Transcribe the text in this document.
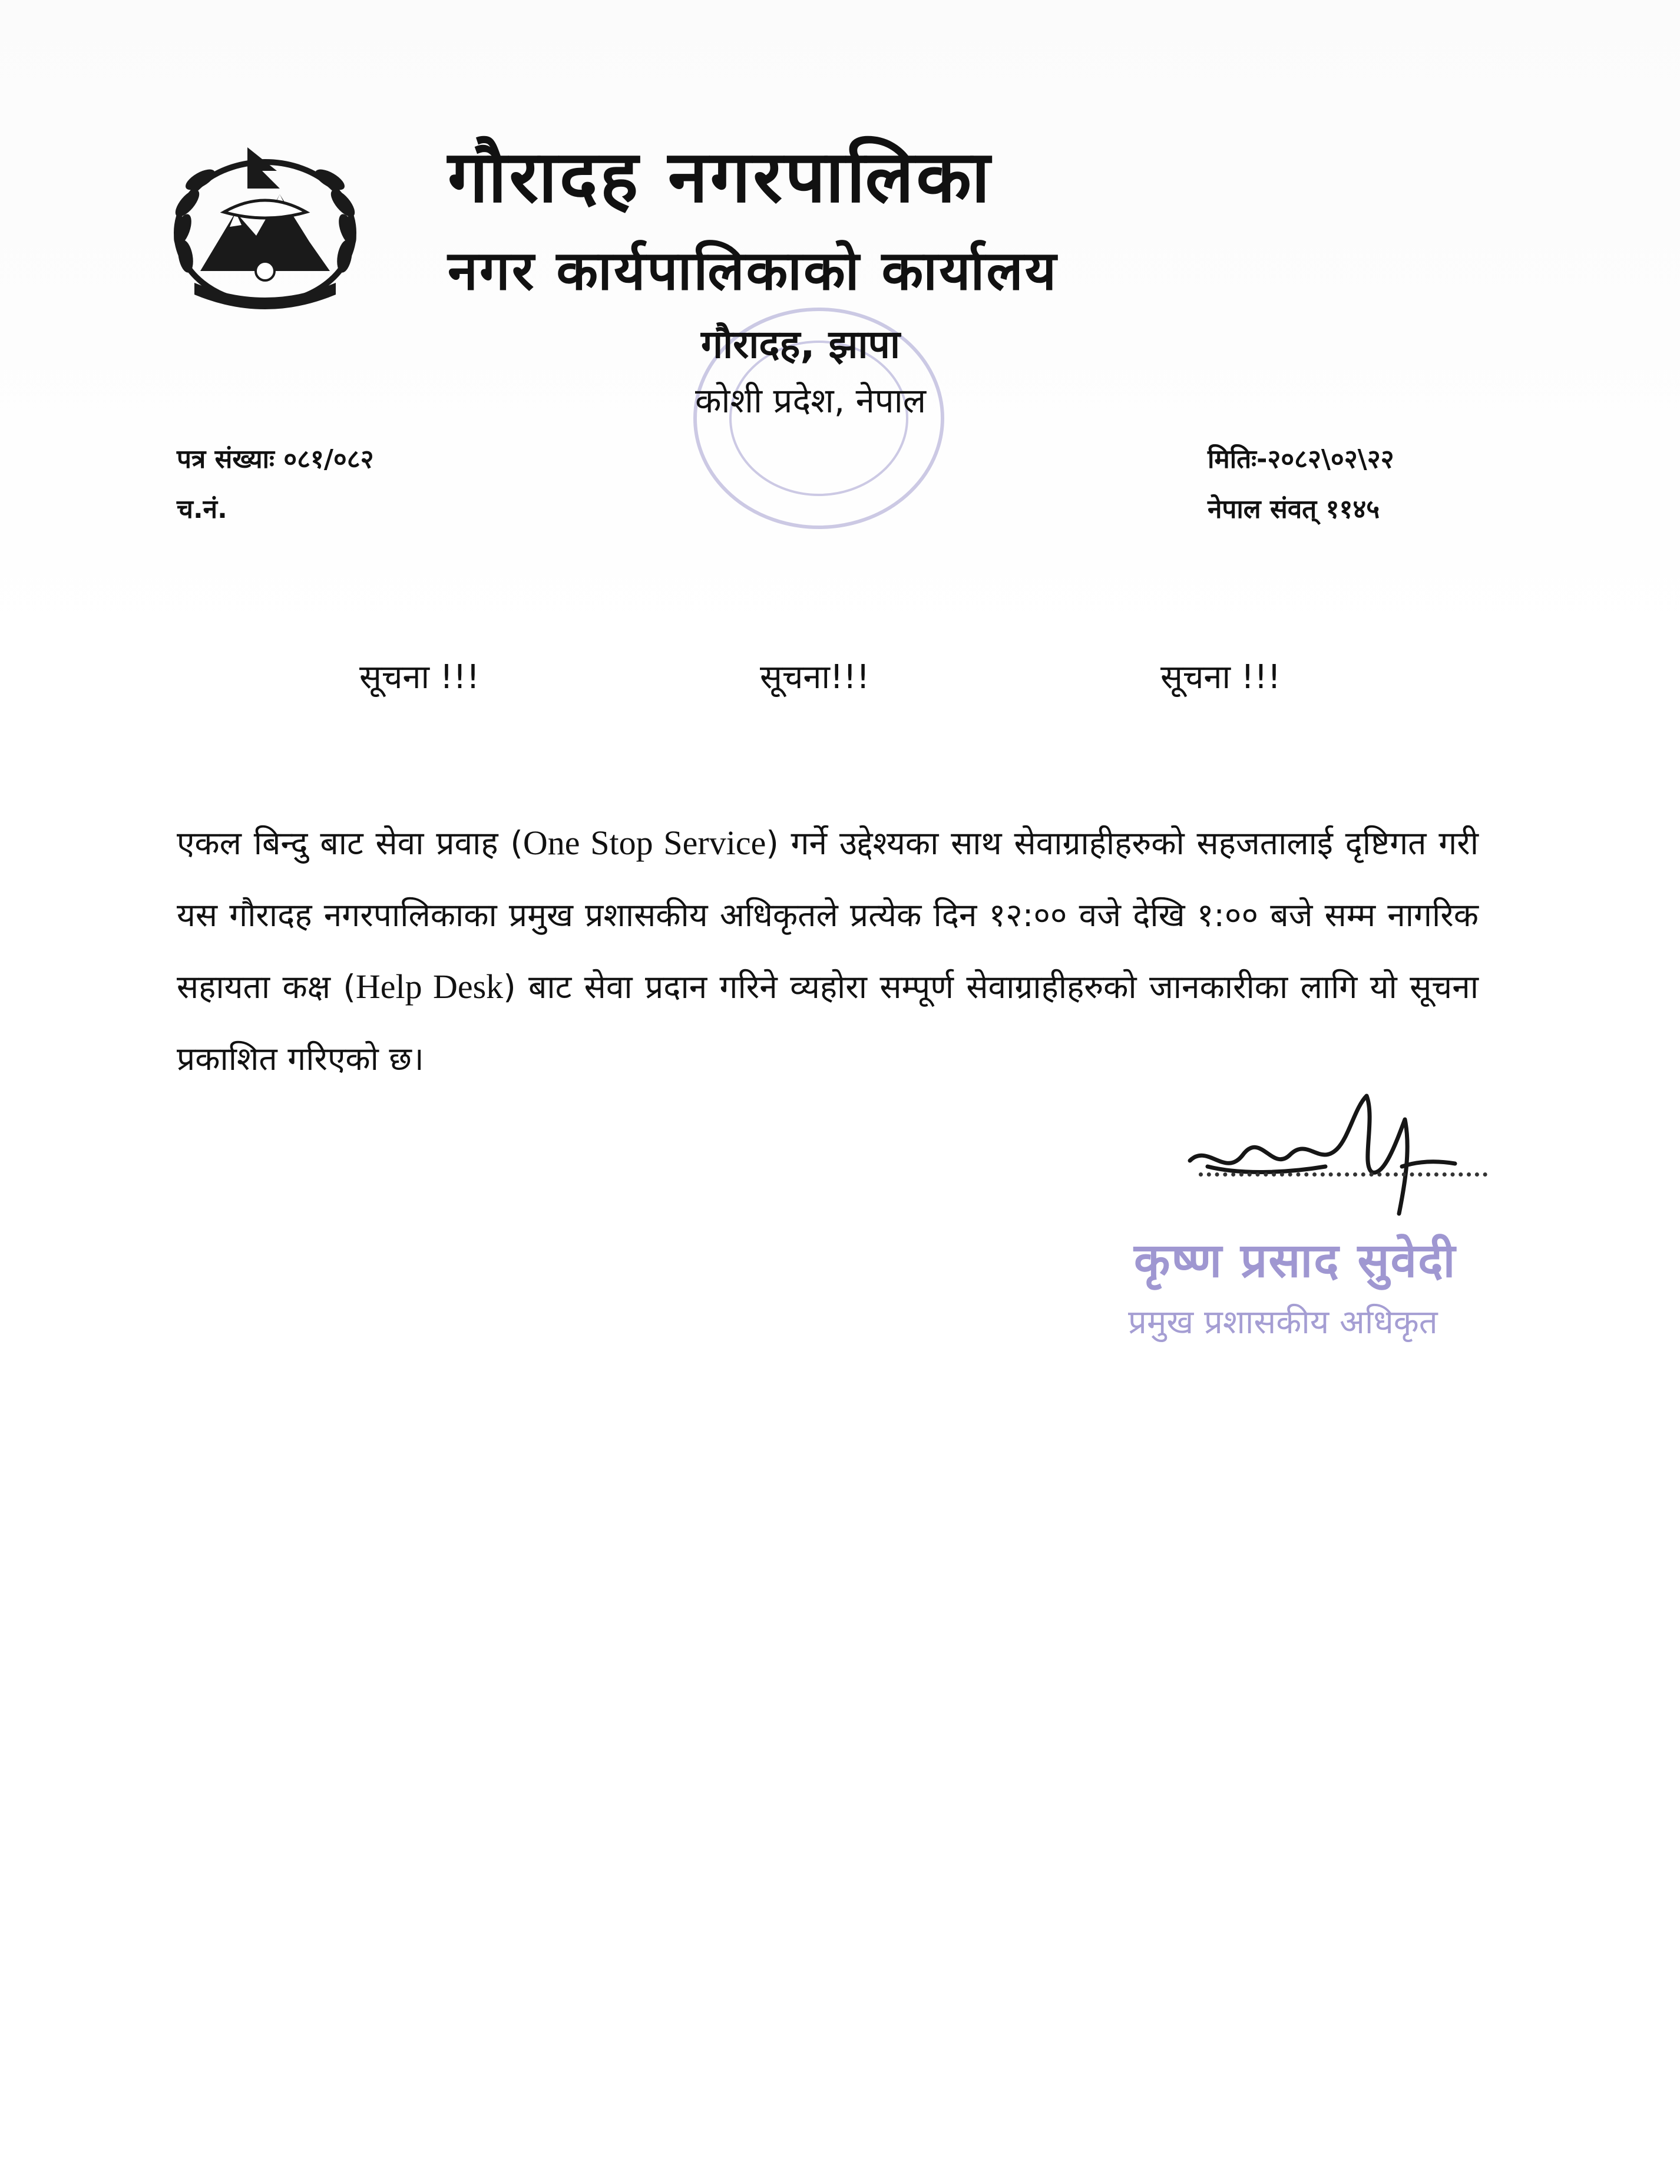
गौरादह नगरपालिका
नगर कार्यपालिकाको कार्यालय
गौरादह, झापा
कोशी प्रदेश, नेपाल
पत्र संख्याः ०८१/०८२
च.नं.
मितिः-२०८२\०२\२२
नेपाल संवत् ११४५
सूचना !!!	सूचना!!!	सूचना !!!
एकल बिन्दु बाट सेवा प्रवाह (One Stop Service) गर्ने उद्देश्यका साथ सेवाग्राहीहरुको सहजतालाई दृष्टिगत गरी यस गौरादह नगरपालिकाका प्रमुख प्रशासकीय अधिकृतले प्रत्येक दिन १२:०० वजे देखि १:०० बजे सम्म नागरिक सहायता कक्ष (Help Desk) बाट सेवा प्रदान गरिने व्यहोरा सम्पूर्ण सेवाग्राहीहरुको जानकारीका लागि यो सूचना प्रकाशित गरिएको छ।
कृष्ण प्रसाद सुवेदी
प्रमुख प्रशासकीय अधिकृत
